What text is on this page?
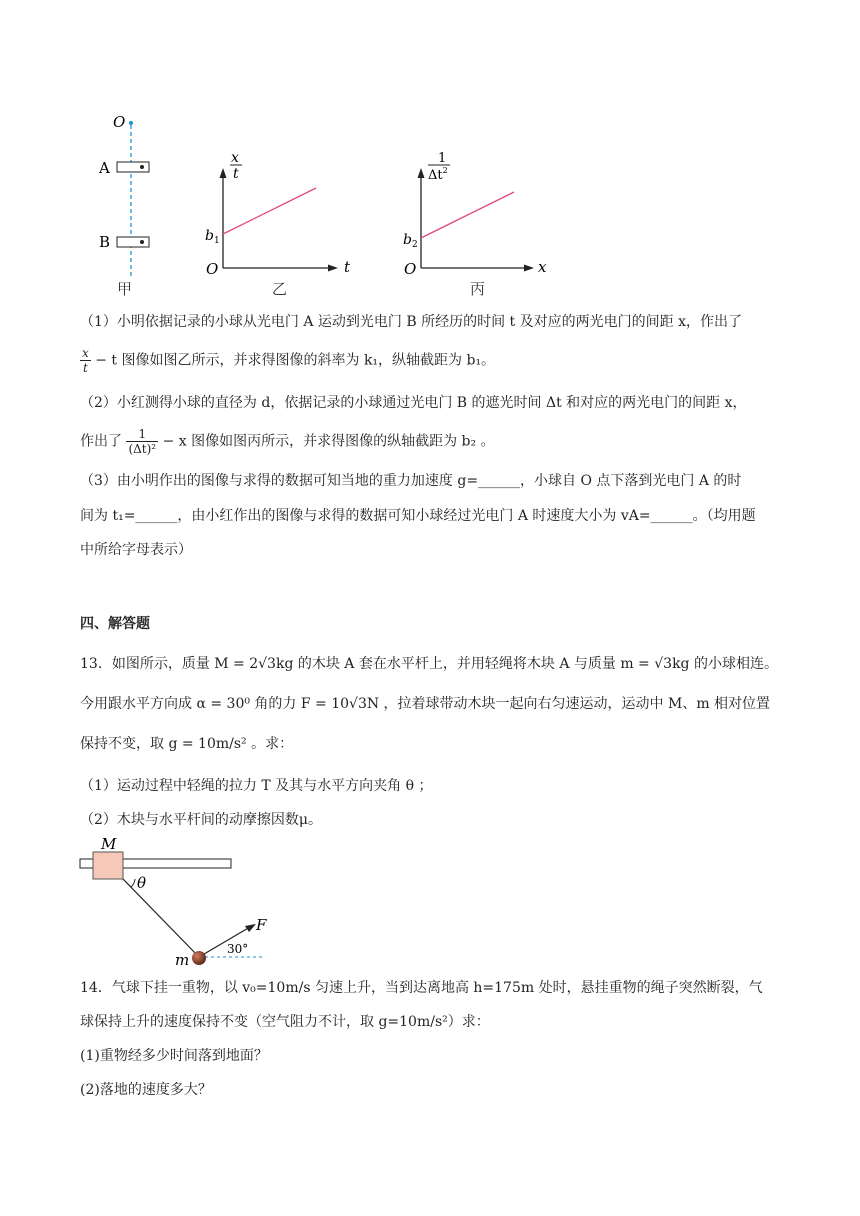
O
A
B
甲
x
t
$b_1$
O	t
乙
1
$\Delta t^2$
$b_2$
O	x
丙
（1）小明依据记录的小球从光电门 A 运动到光电门 B 所经历的时间 t 及对应的两光电门的间距 x，作出了
$\frac{x}{t} - t$ 图像如图乙所示，并求得图像的斜率为 k₁，纵轴截距为 b₁。
（2）小红测得小球的直径为 d，依据记录的小球通过光电门 B 的遮光时间 Δt 和对应的两光电门的间距 x，
作出了 $\frac{1}{\text{(Δt)²}} - x$ 图像如图丙所示，并求得图像的纵轴截距为 b₂ 。
（3）由小明作出的图像与求得的数据可知当地的重力加速度 g=______，小球自 O 点下落到光电门 A 的时
间为 t₁=______，由小红作出的图像与求得的数据可知小球经过光电门 A 时速度大小为 vA=______。（均用题
中所给字母表示）
四、解答题
13．如图所示，质量 M = 2√3kg 的木块 A 套在水平杆上，并用轻绳将木块 A 与质量 m = √3kg 的小球相连。
今用跟水平方向成 α = 30⁰ 角的力 F = 10√3N ，拉着球带动木块一起向右匀速运动，运动中 M、m 相对位置
保持不变，取 g = 10m/s² 。求：
（1）运动过程中轻绳的拉力 T 及其与水平方向夹角 θ ；
（2）木块与水平杆间的动摩擦因数μ。
M
θ
F
30°
m
14．气球下挂一重物，以 v₀=10m/s 匀速上升，当到达离地高 h=175m 处时，悬挂重物的绳子突然断裂，气
球保持上升的速度保持不变（空气阻力不计，取 g=10m/s²）求：
(1)重物经多少时间落到地面？
(2)落地的速度多大？
